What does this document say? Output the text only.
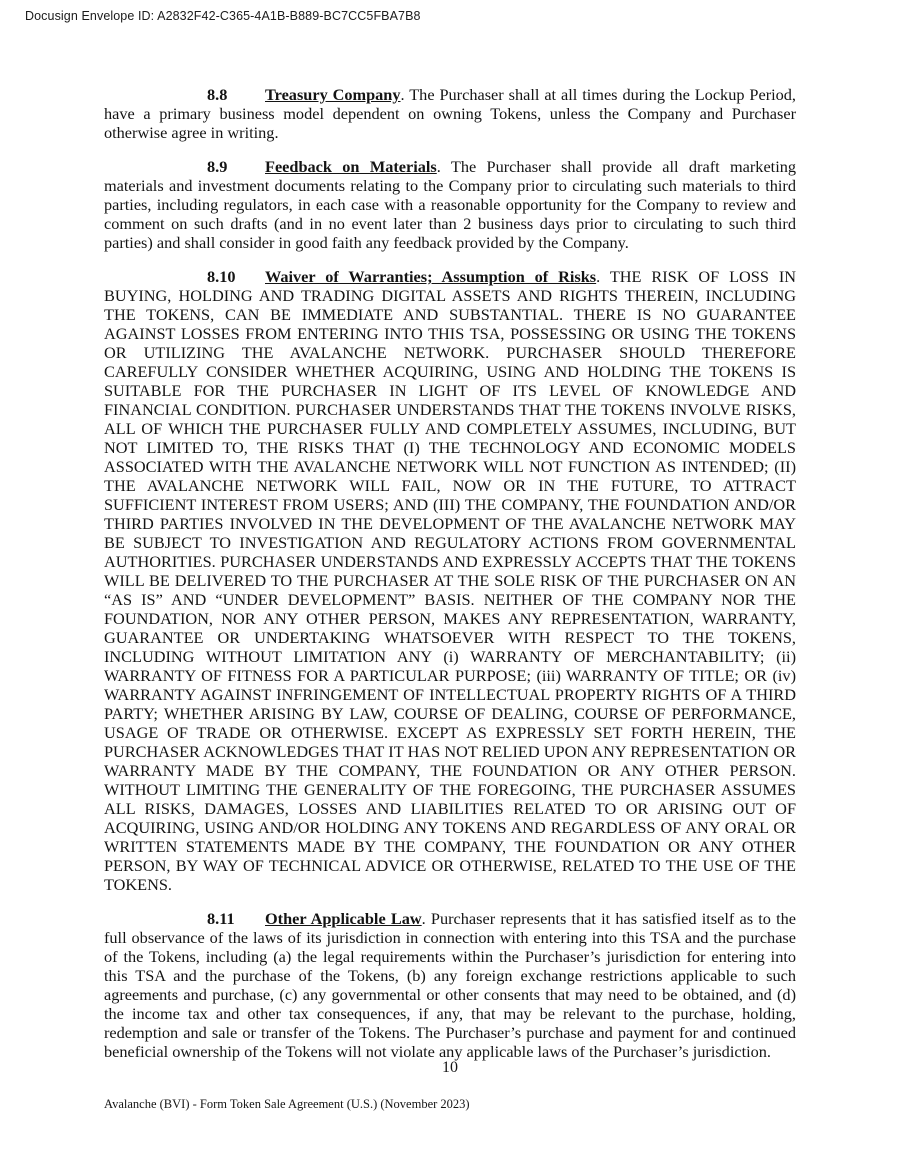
Docusign Envelope ID: A2832F42-C365-4A1B-B889-BC7CC5FBA7B8

8.8 Treasury Company. The Purchaser shall at all times during the Lockup Period, have a primary business model dependent on owning Tokens, unless the Company and Purchaser otherwise agree in writing.

8.9 Feedback on Materials. The Purchaser shall provide all draft marketing materials and investment documents relating to the Company prior to circulating such materials to third parties, including regulators, in each case with a reasonable opportunity for the Company to review and comment on such drafts (and in no event later than 2 business days prior to circulating to such third parties) and shall consider in good faith any feedback provided by the Company.

8.10 Waiver of Warranties; Assumption of Risks. THE RISK OF LOSS IN BUYING, HOLDING AND TRADING DIGITAL ASSETS AND RIGHTS THEREIN, INCLUDING THE TOKENS, CAN BE IMMEDIATE AND SUBSTANTIAL. THERE IS NO GUARANTEE AGAINST LOSSES FROM ENTERING INTO THIS TSA, POSSESSING OR USING THE TOKENS OR UTILIZING THE AVALANCHE NETWORK. PURCHASER SHOULD THEREFORE CAREFULLY CONSIDER WHETHER ACQUIRING, USING AND HOLDING THE TOKENS IS SUITABLE FOR THE PURCHASER IN LIGHT OF ITS LEVEL OF KNOWLEDGE AND FINANCIAL CONDITION. PURCHASER UNDERSTANDS THAT THE TOKENS INVOLVE RISKS, ALL OF WHICH THE PURCHASER FULLY AND COMPLETELY ASSUMES, INCLUDING, BUT NOT LIMITED TO, THE RISKS THAT (I) THE TECHNOLOGY AND ECONOMIC MODELS ASSOCIATED WITH THE AVALANCHE NETWORK WILL NOT FUNCTION AS INTENDED; (II) THE AVALANCHE NETWORK WILL FAIL, NOW OR IN THE FUTURE, TO ATTRACT SUFFICIENT INTEREST FROM USERS; AND (III) THE COMPANY, THE FOUNDATION AND/OR THIRD PARTIES INVOLVED IN THE DEVELOPMENT OF THE AVALANCHE NETWORK MAY BE SUBJECT TO INVESTIGATION AND REGULATORY ACTIONS FROM GOVERNMENTAL AUTHORITIES. PURCHASER UNDERSTANDS AND EXPRESSLY ACCEPTS THAT THE TOKENS WILL BE DELIVERED TO THE PURCHASER AT THE SOLE RISK OF THE PURCHASER ON AN “AS IS” AND “UNDER DEVELOPMENT” BASIS. NEITHER OF THE COMPANY NOR THE FOUNDATION, NOR ANY OTHER PERSON, MAKES ANY REPRESENTATION, WARRANTY, GUARANTEE OR UNDERTAKING WHATSOEVER WITH RESPECT TO THE TOKENS, INCLUDING WITHOUT LIMITATION ANY (i) WARRANTY OF MERCHANTABILITY; (ii) WARRANTY OF FITNESS FOR A PARTICULAR PURPOSE; (iii) WARRANTY OF TITLE; OR (iv) WARRANTY AGAINST INFRINGEMENT OF INTELLECTUAL PROPERTY RIGHTS OF A THIRD PARTY; WHETHER ARISING BY LAW, COURSE OF DEALING, COURSE OF PERFORMANCE, USAGE OF TRADE OR OTHERWISE. EXCEPT AS EXPRESSLY SET FORTH HEREIN, THE PURCHASER ACKNOWLEDGES THAT IT HAS NOT RELIED UPON ANY REPRESENTATION OR WARRANTY MADE BY THE COMPANY, THE FOUNDATION OR ANY OTHER PERSON. WITHOUT LIMITING THE GENERALITY OF THE FOREGOING, THE PURCHASER ASSUMES ALL RISKS, DAMAGES, LOSSES AND LIABILITIES RELATED TO OR ARISING OUT OF ACQUIRING, USING AND/OR HOLDING ANY TOKENS AND REGARDLESS OF ANY ORAL OR WRITTEN STATEMENTS MADE BY THE COMPANY, THE FOUNDATION OR ANY OTHER PERSON, BY WAY OF TECHNICAL ADVICE OR OTHERWISE, RELATED TO THE USE OF THE TOKENS.

8.11 Other Applicable Law. Purchaser represents that it has satisfied itself as to the full observance of the laws of its jurisdiction in connection with entering into this TSA and the purchase of the Tokens, including (a) the legal requirements within the Purchaser’s jurisdiction for entering into this TSA and the purchase of the Tokens, (b) any foreign exchange restrictions applicable to such agreements and purchase, (c) any governmental or other consents that may need to be obtained, and (d) the income tax and other tax consequences, if any, that may be relevant to the purchase, holding, redemption and sale or transfer of the Tokens. The Purchaser’s purchase and payment for and continued beneficial ownership of the Tokens will not violate any applicable laws of the Purchaser’s jurisdiction.

10
Avalanche (BVI) - Form Token Sale Agreement (U.S.) (November 2023)
